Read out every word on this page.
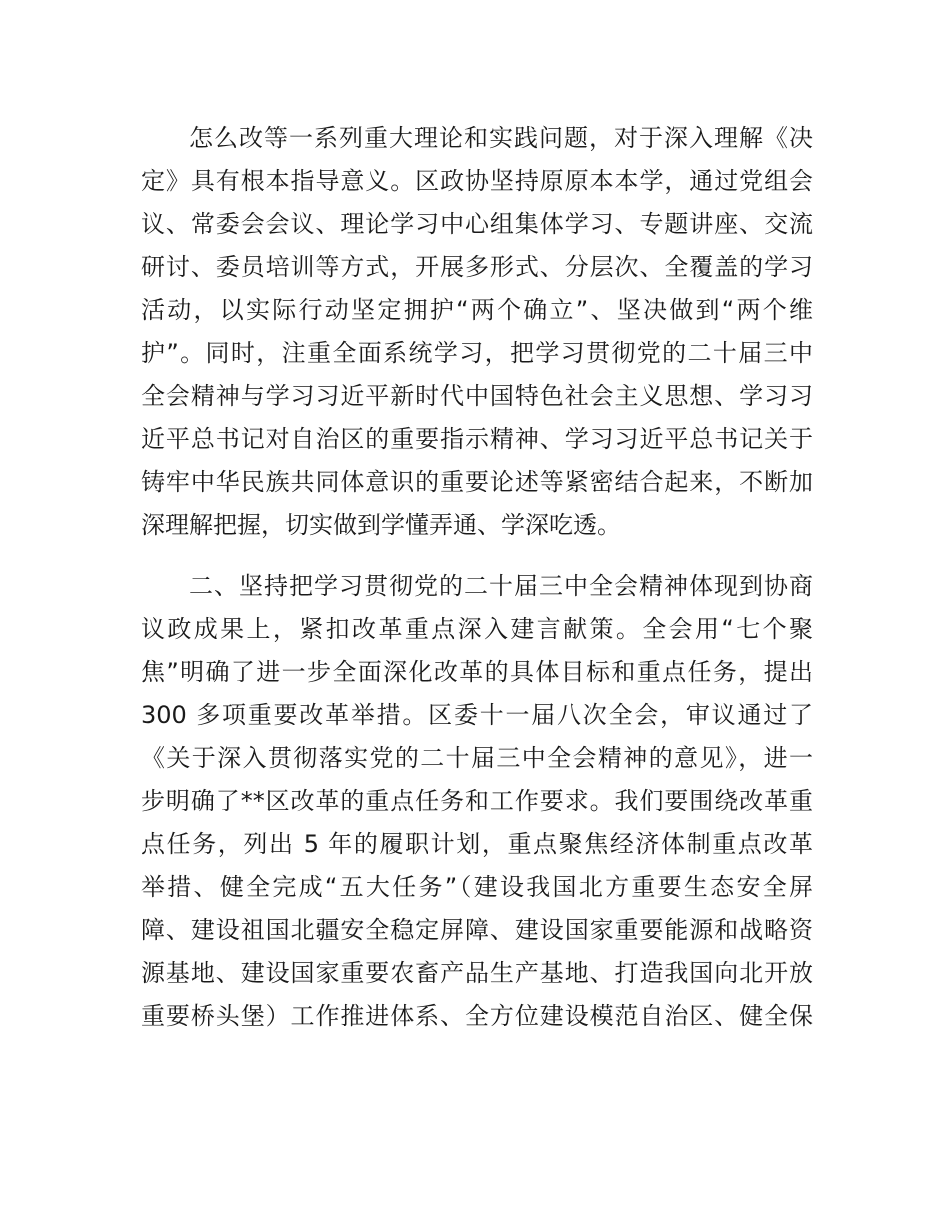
怎么改等一系列重大理论和实践问题，对于深入理解《决
定》具有根本指导意义。区政协坚持原原本本学，通过党组会
议、常委会会议、理论学习中心组集体学习、专题讲座、交流
研讨、委员培训等方式，开展多形式、分层次、全覆盖的学习
活动，以实际行动坚定拥护“两个确立”、坚决做到“两个维
护”。同时，注重全面系统学习，把学习贯彻党的二十届三中
全会精神与学习习近平新时代中国特色社会主义思想、学习习
近平总书记对自治区的重要指示精神、学习习近平总书记关于
铸牢中华民族共同体意识的重要论述等紧密结合起来，不断加
深理解把握，切实做到学懂弄通、学深吃透。
二、坚持把学习贯彻党的二十届三中全会精神体现到协商
议政成果上，紧扣改革重点深入建言献策。全会用“七个聚
焦”明确了进一步全面深化改革的具体目标和重点任务，提出
300 多项重要改革举措。区委十一届八次全会，审议通过了
《关于深入贯彻落实党的二十届三中全会精神的意见》，进一
步明确了**区改革的重点任务和工作要求。我们要围绕改革重
点任务，列出 5 年的履职计划，重点聚焦经济体制重点改革
举措、健全完成“五大任务”（建设我国北方重要生态安全屏
障、建设祖国北疆安全稳定屏障、建设国家重要能源和战略资
源基地、建设国家重要农畜产品生产基地、打造我国向北开放
重要桥头堡）工作推进体系、全方位建设模范自治区、健全保
